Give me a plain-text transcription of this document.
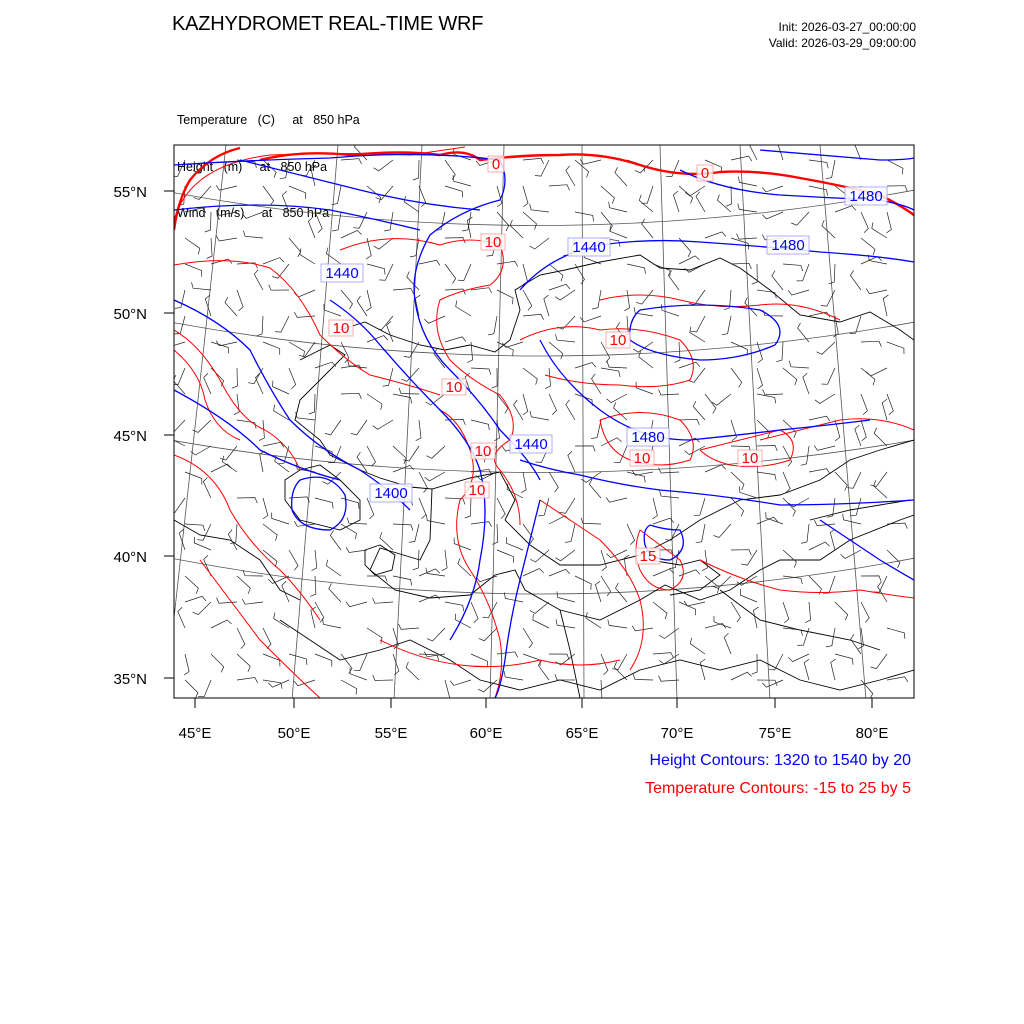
KAZHYDROMET REAL-TIME WRF	Init: 2026-03-27_00:00:00
Valid: 2026-03-29_09:00:00

Temperature (C)     at   850 hPa

Height (m)     at   850 hPa

Wind (m/s)     at   850 hPa

55°N
50°N
45°N
40°N
35°N
45°E	50°E	55°E	60°E	65°E	70°E	75°E	80°E
1440	1480
1480
1440
1440
1400
1480
0
0
10
10
10
10
10
10
10	10
15
Height Contours: 1320 to 1540 by 20
Temperature Contours: -15 to 25 by 5
